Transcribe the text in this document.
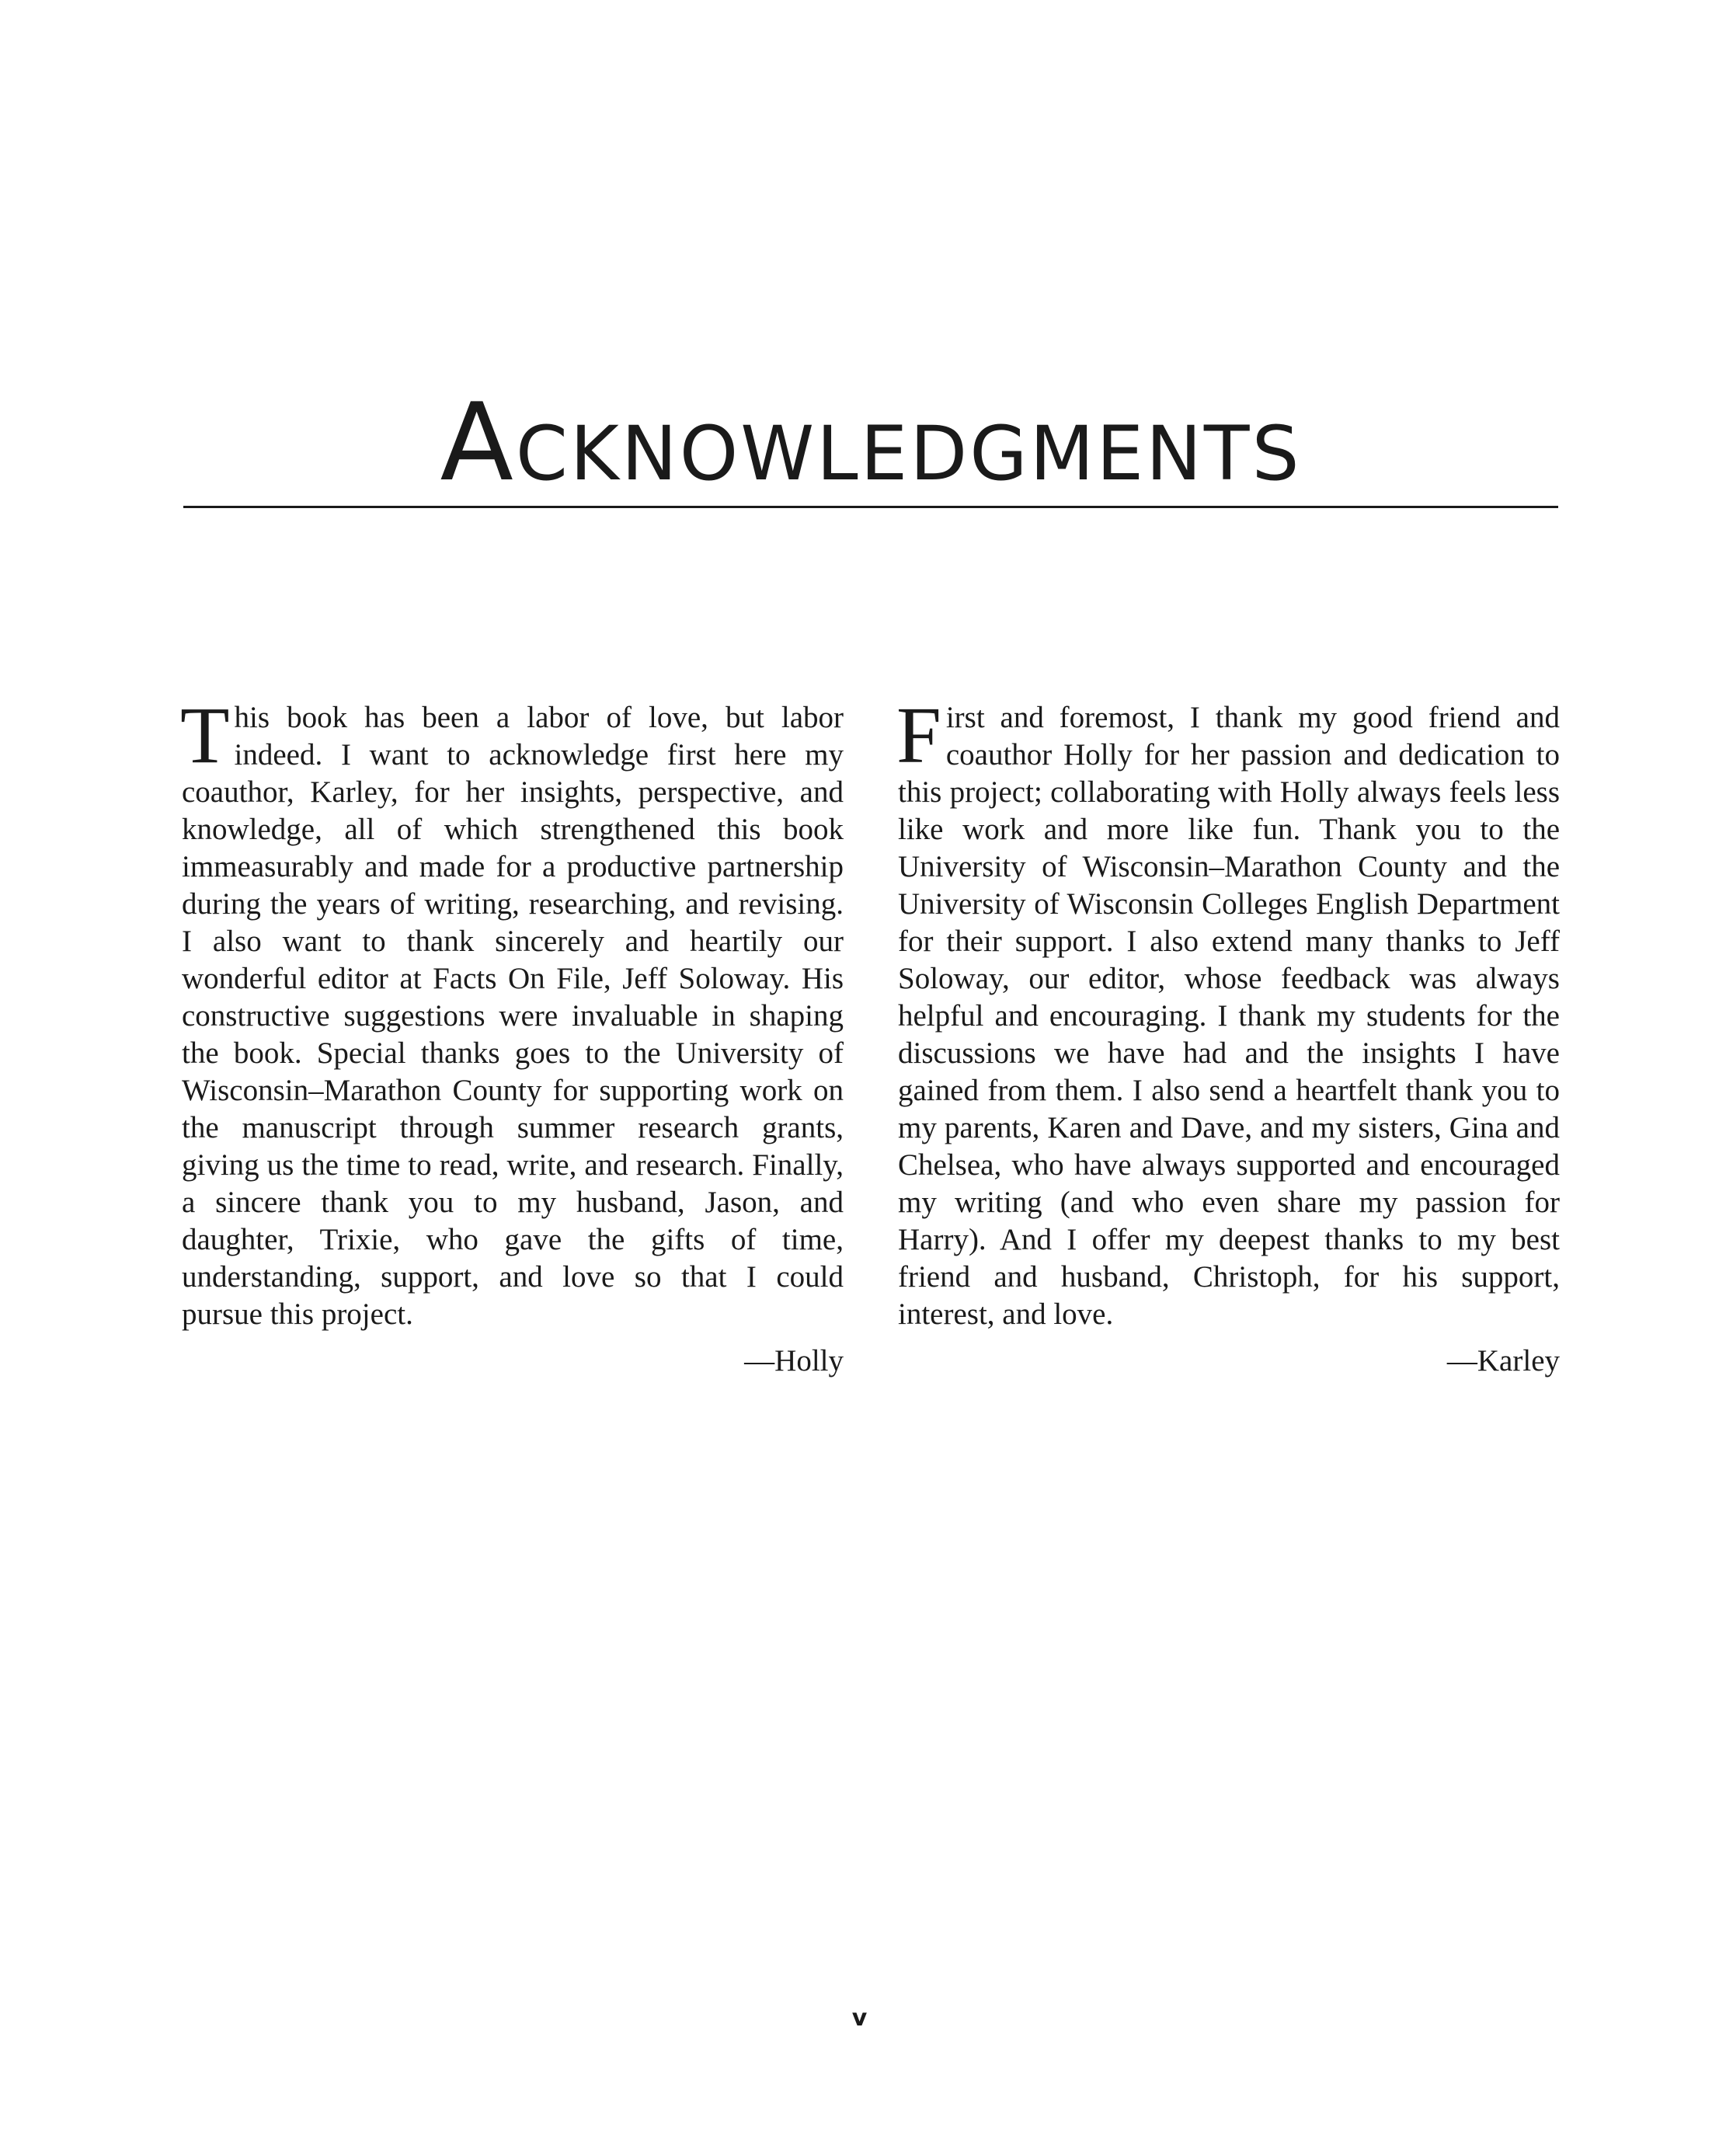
ACKNOWLEDGMENTS

This book has been a labor of love, but labor indeed. I want to acknowledge first here my coauthor, Karley, for her insights, perspective, and knowledge, all of which strengthened this book immeasurably and made for a productive partnership during the years of writing, researching, and revising. I also want to thank sincerely and heartily our wonderful editor at Facts On File, Jeff Soloway. His constructive suggestions were invaluable in shaping the book. Special thanks goes to the University of Wisconsin–Marathon County for supporting work on the manuscript through summer research grants, giving us the time to read, write, and research. Finally, a sincere thank you to my husband, Jason, and daughter, Trixie, who gave the gifts of time, understanding, support, and love so that I could pursue this project.

—Holly

First and foremost, I thank my good friend and coauthor Holly for her passion and dedication to this project; collaborating with Holly always feels less like work and more like fun. Thank you to the University of Wisconsin–Marathon County and the University of Wisconsin Colleges English Department for their support. I also extend many thanks to Jeff Soloway, our editor, whose feedback was always helpful and encouraging. I thank my students for the discussions we have had and the insights I have gained from them. I also send a heartfelt thank you to my parents, Karen and Dave, and my sisters, Gina and Chelsea, who have always supported and encouraged my writing (and who even share my passion for Harry). And I offer my deepest thanks to my best friend and husband, Christoph, for his support, interest, and love.

—Karley

v
